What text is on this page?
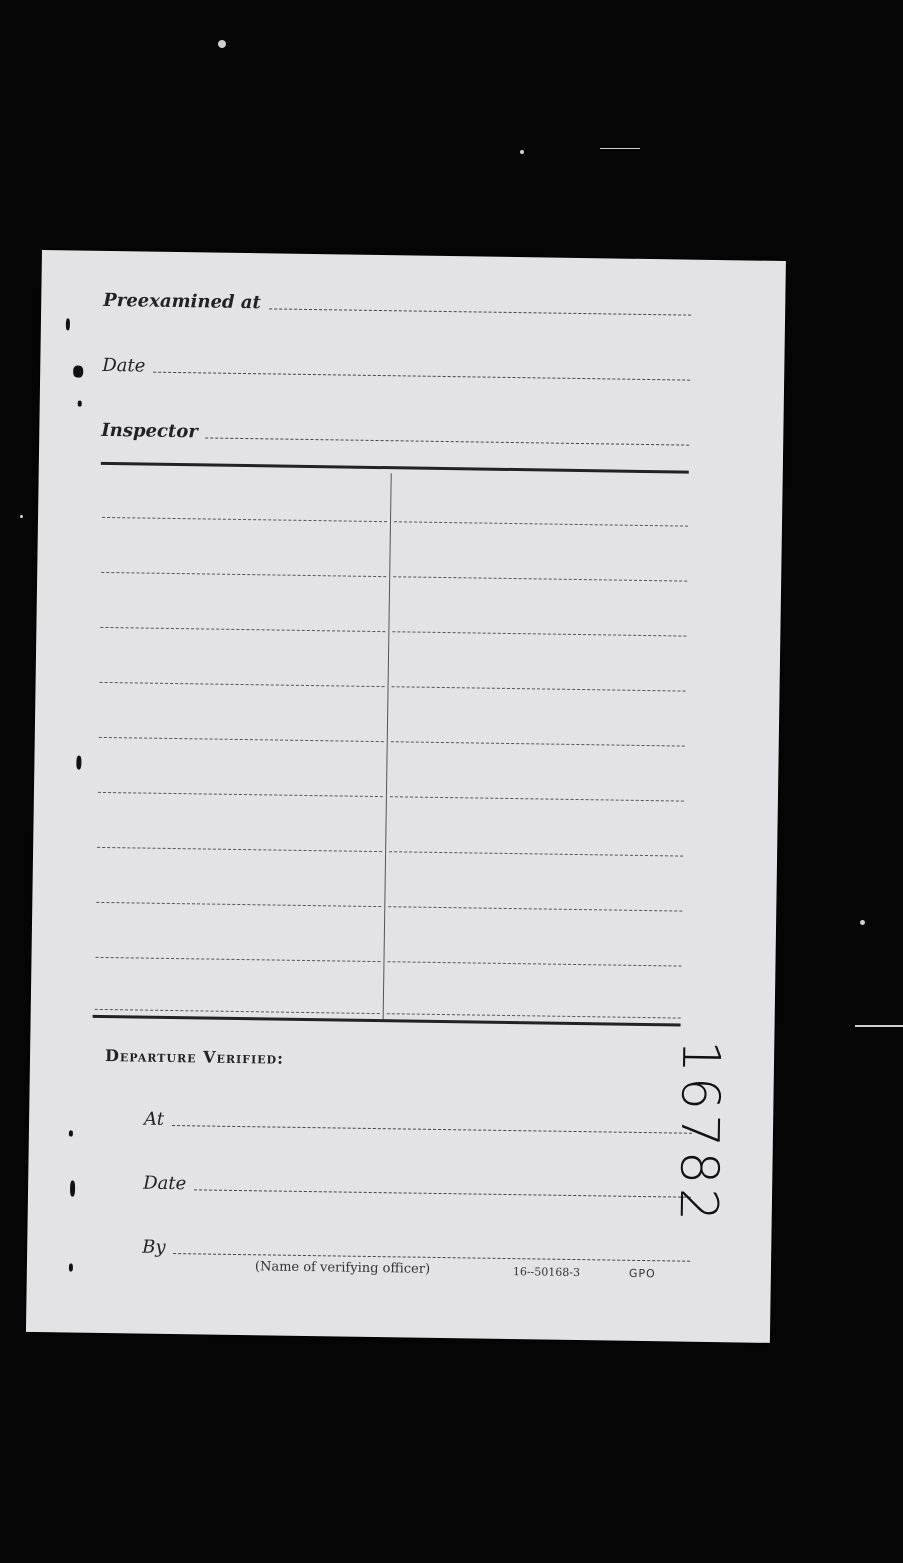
Preexamined at
Date
Inspector
Departure Verified:
At
Date
By
(Name of verifying officer)	16--50168-3	GPO
16782
